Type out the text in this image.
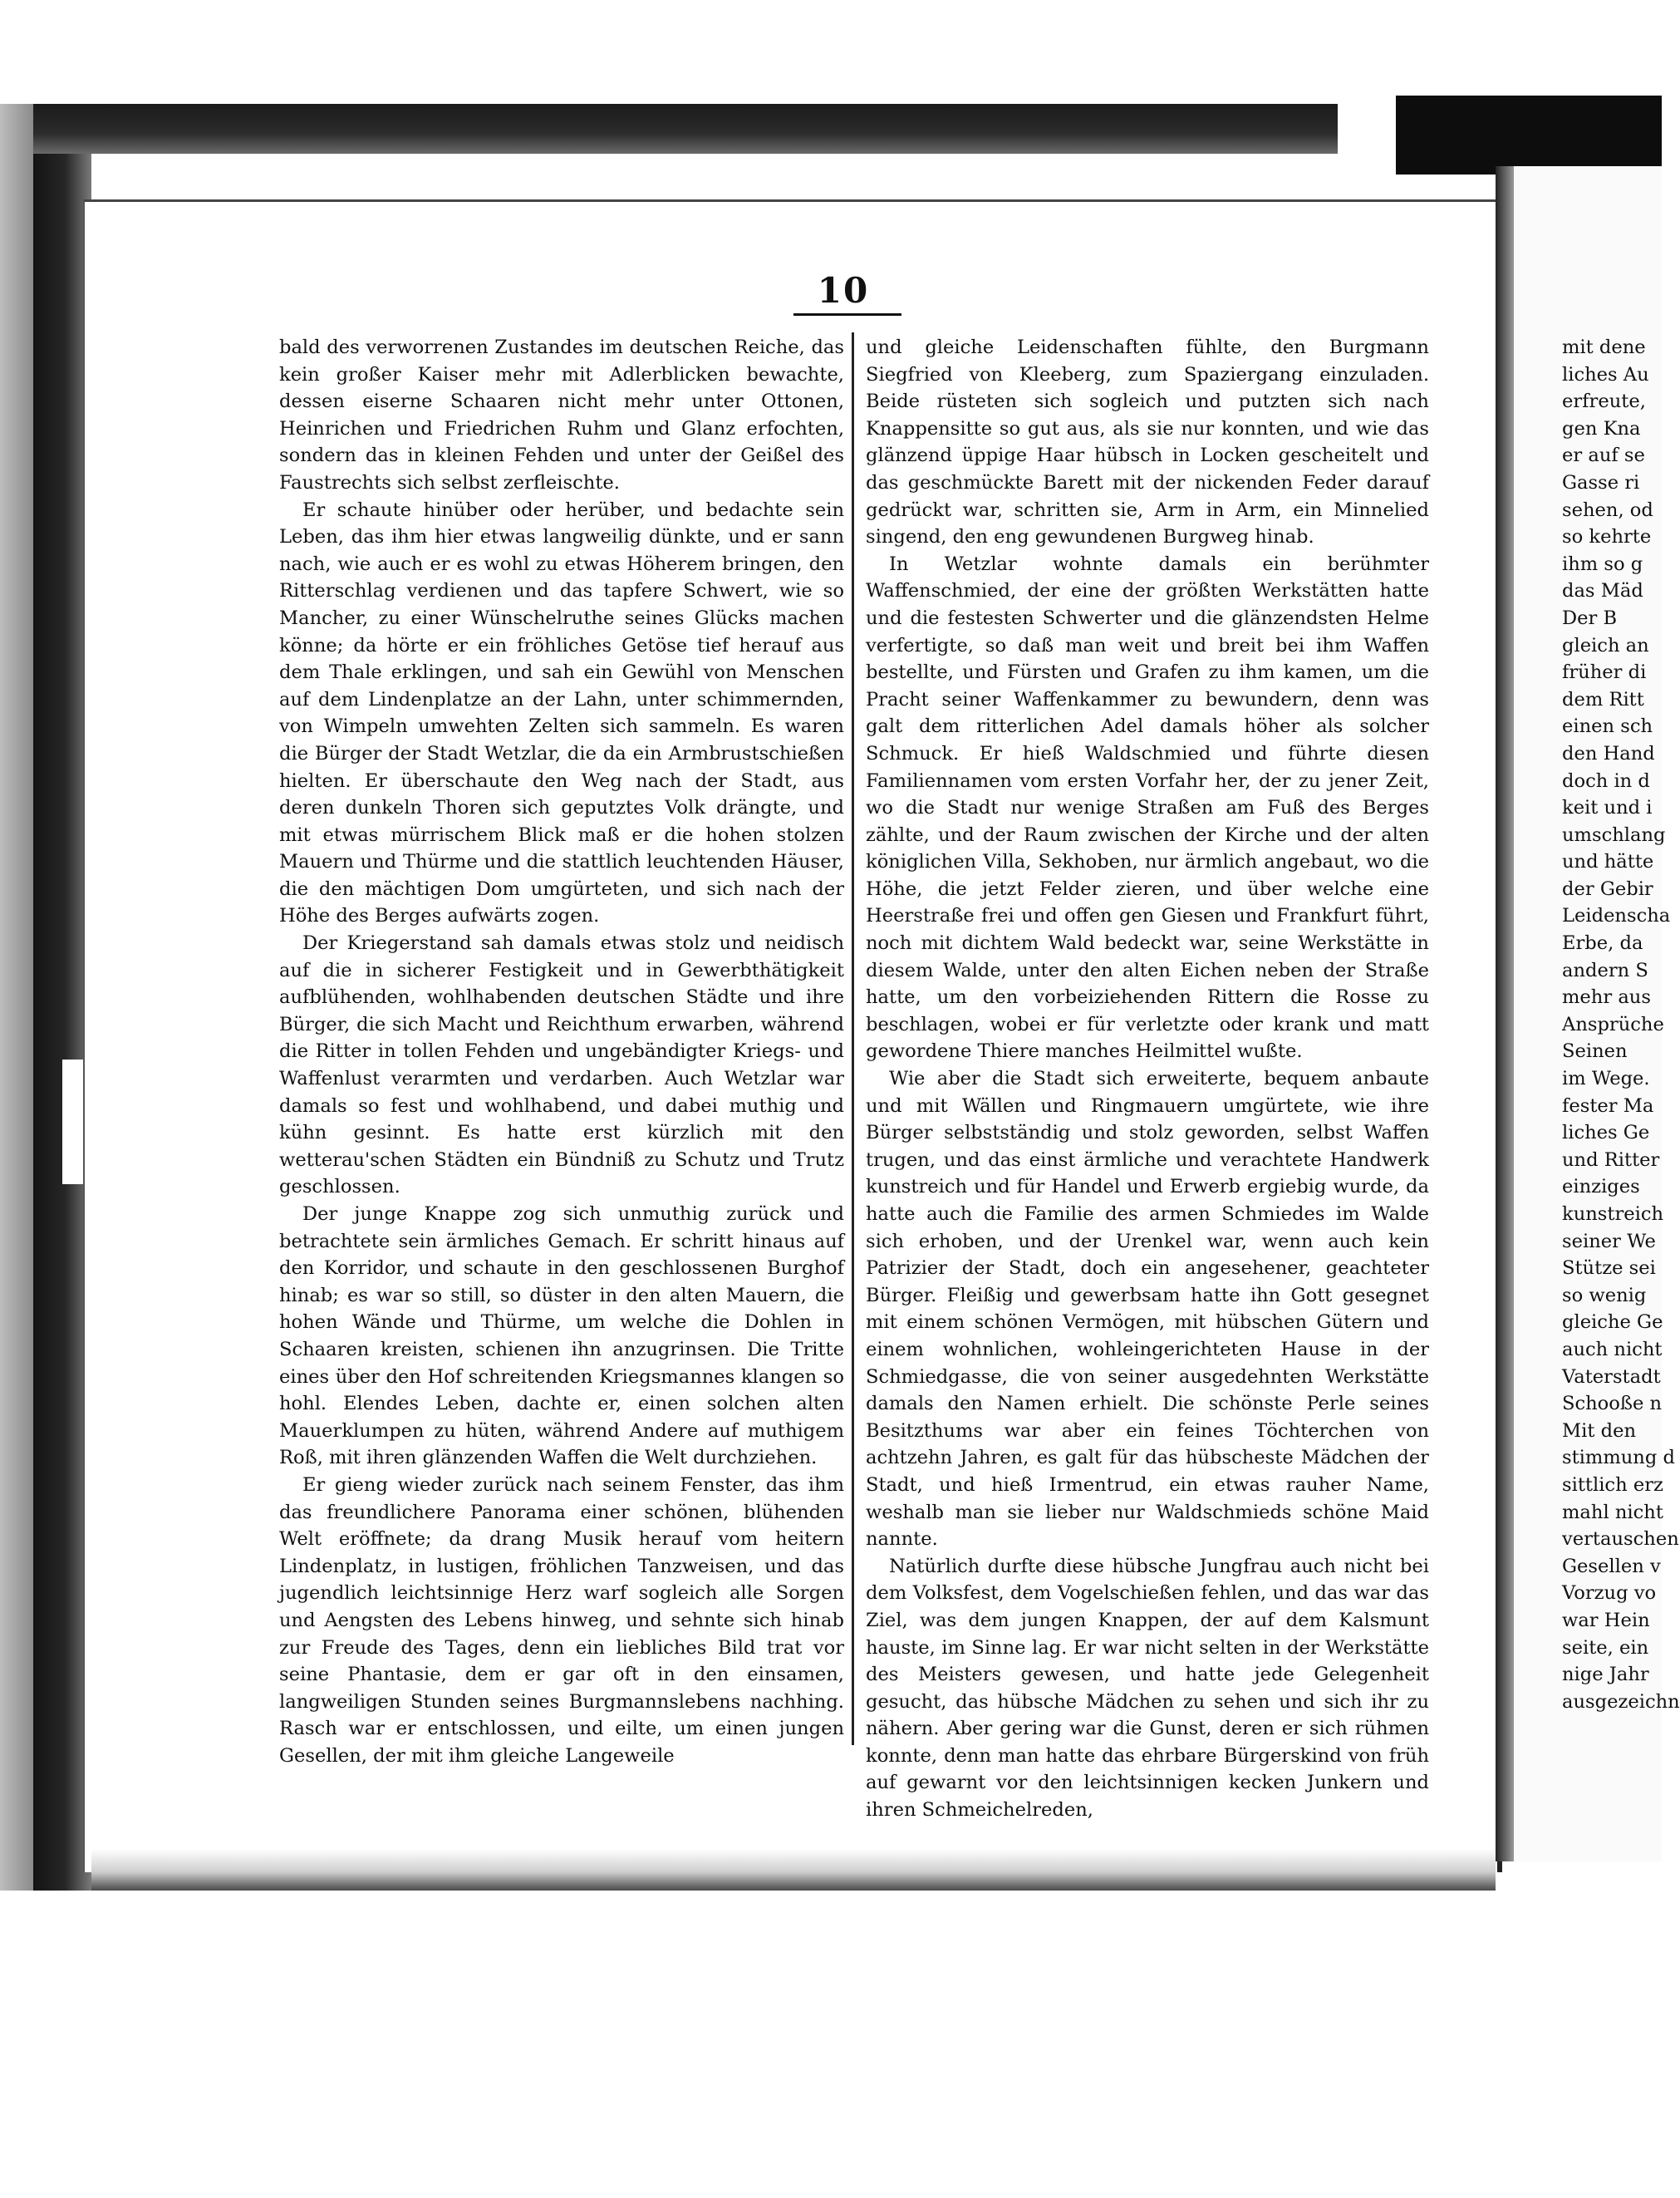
10

bald des verworrenen Zustandes im deutschen Reiche, das kein großer Kaiser mehr mit Adlerblicken bewachte, dessen eiserne Schaaren nicht mehr unter Ottonen, Heinrichen und Friedrichen Ruhm und Glanz erfochten, sondern das in kleinen Fehden und unter der Geißel des Faustrechts sich selbst zerfleischte.

Er schaute hinüber oder herüber, und bedachte sein Leben, das ihm hier etwas langweilig dünkte, und er sann nach, wie auch er es wohl zu etwas Höherem bringen, den Ritterschlag verdienen und das tapfere Schwert, wie so Mancher, zu einer Wünschelruthe seines Glücks machen könne; da hörte er ein fröhliches Getöse tief herauf aus dem Thale erklingen, und sah ein Gewühl von Menschen auf dem Lindenplatze an der Lahn, unter schimmernden, von Wimpeln umwehten Zelten sich sammeln. Es waren die Bürger der Stadt Wetzlar, die da ein Armbrustschießen hielten. Er überschaute den Weg nach der Stadt, aus deren dunkeln Thoren sich geputztes Volk drängte, und mit etwas mürrischem Blick maß er die hohen stolzen Mauern und Thürme und die stattlich leuchtenden Häuser, die den mächtigen Dom umgürteten, und sich nach der Höhe des Berges aufwärts zogen.

Der Kriegerstand sah damals etwas stolz und neidisch auf die in sicherer Festigkeit und in Gewerbthätigkeit aufblühenden, wohlhabenden deutschen Städte und ihre Bürger, die sich Macht und Reichthum erwarben, während die Ritter in tollen Fehden und ungebändigter Kriegs- und Waffenlust verarmten und verdarben. Auch Wetzlar war damals so fest und wohlhabend, und dabei muthig und kühn gesinnt. Es hatte erst kürzlich mit den wetterau'schen Städten ein Bündniß zu Schutz und Trutz geschlossen.

Der junge Knappe zog sich unmuthig zurück und betrachtete sein ärmliches Gemach. Er schritt hinaus auf den Korridor, und schaute in den geschlossenen Burghof hinab; es war so still, so düster in den alten Mauern, die hohen Wände und Thürme, um welche die Dohlen in Schaaren kreisten, schienen ihn anzugrinsen. Die Tritte eines über den Hof schreitenden Kriegsmannes klangen so hohl. Elendes Leben, dachte er, einen solchen alten Mauerklumpen zu hüten, während Andere auf muthigem Roß, mit ihren glänzenden Waffen die Welt durchziehen.

Er gieng wieder zurück nach seinem Fenster, das ihm das freundlichere Panorama einer schönen, blühenden Welt eröffnete; da drang Musik herauf vom heitern Lindenplatz, in lustigen, fröhlichen Tanzweisen, und das jugendlich leichtsinnige Herz warf sogleich alle Sorgen und Aengsten des Lebens hinweg, und sehnte sich hinab zur Freude des Tages, denn ein liebliches Bild trat vor seine Phantasie, dem er gar oft in den einsamen, langweiligen Stunden seines Burgmannslebens nachhing. Rasch war er entschlossen, und eilte, um einen jungen Gesellen, der mit ihm gleiche Langeweile

und gleiche Leidenschaften fühlte, den Burgmann Siegfried von Kleeberg, zum Spaziergang einzuladen. Beide rüsteten sich sogleich und putzten sich nach Knappensitte so gut aus, als sie nur konnten, und wie das glänzend üppige Haar hübsch in Locken gescheitelt und das geschmückte Barett mit der nickenden Feder darauf gedrückt war, schritten sie, Arm in Arm, ein Minnelied singend, den eng gewundenen Burgweg hinab.

In Wetzlar wohnte damals ein berühmter Waffenschmied, der eine der größten Werkstätten hatte und die festesten Schwerter und die glänzendsten Helme verfertigte, so daß man weit und breit bei ihm Waffen bestellte, und Fürsten und Grafen zu ihm kamen, um die Pracht seiner Waffenkammer zu bewundern, denn was galt dem ritterlichen Adel damals höher als solcher Schmuck. Er hieß Waldschmied und führte diesen Familiennamen vom ersten Vorfahr her, der zu jener Zeit, wo die Stadt nur wenige Straßen am Fuß des Berges zählte, und der Raum zwischen der Kirche und der alten königlichen Villa, Sekhoben, nur ärmlich angebaut, wo die Höhe, die jetzt Felder zieren, und über welche eine Heerstraße frei und offen gen Giesen und Frankfurt führt, noch mit dichtem Wald bedeckt war, seine Werkstätte in diesem Walde, unter den alten Eichen neben der Straße hatte, um den vorbeiziehenden Rittern die Rosse zu beschlagen, wobei er für verletzte oder krank und matt gewordene Thiere manches Heilmittel wußte.

Wie aber die Stadt sich erweiterte, bequem anbaute und mit Wällen und Ringmauern umgürtete, wie ihre Bürger selbstständig und stolz geworden, selbst Waffen trugen, und das einst ärmliche und verachtete Handwerk kunstreich und für Handel und Erwerb ergiebig wurde, da hatte auch die Familie des armen Schmiedes im Walde sich erhoben, und der Urenkel war, wenn auch kein Patrizier der Stadt, doch ein angesehener, geachteter Bürger. Fleißig und gewerbsam hatte ihn Gott gesegnet mit einem schönen Vermögen, mit hübschen Gütern und einem wohnlichen, wohleingerichteten Hause in der Schmiedgasse, die von seiner ausgedehnten Werkstätte damals den Namen erhielt. Die schönste Perle seines Besitzthums war aber ein feines Töchterchen von achtzehn Jahren, es galt für das hübscheste Mädchen der Stadt, und hieß Irmentrud, ein etwas rauher Name, weshalb man sie lieber nur Waldschmieds schöne Maid nannte.

Natürlich durfte diese hübsche Jungfrau auch nicht bei dem Volksfest, dem Vogelschießen fehlen, und das war das Ziel, was dem jungen Knappen, der auf dem Kalsmunt hauste, im Sinne lag. Er war nicht selten in der Werkstätte des Meisters gewesen, und hatte jede Gelegenheit gesucht, das hübsche Mädchen zu sehen und sich ihr zu nähern. Aber gering war die Gunst, deren er sich rühmen konnte, denn man hatte das ehrbare Bürgerskind von früh auf gewarnt vor den leichtsinnigen kecken Junkern und ihren Schmeichelreden,

mit dene
liches Au
erfreute,
gen Kna
er auf se
Gasse ri
sehen, od
so kehrte
ihm so g
das Mäd
Der B
gleich an
früher di
dem Ritt
einen sch
den Hand
doch in d
keit und i
umschlang
und hätte
der Gebir
Leidenscha
Erbe, da
andern S
mehr aus
Ansprüche
Seinen
im Wege.
fester Ma
liches Ge
und Ritter
einziges
kunstreich
seiner We
Stütze sei
so wenig
gleiche Ge
auch nicht
Vaterstadt
Schooße n
Mit den
stimmung d
sittlich erz
mahl nicht
vertauschen
Gesellen v
Vorzug vo
war Hein
seite, ein
nige Jahr
ausgezeichn
